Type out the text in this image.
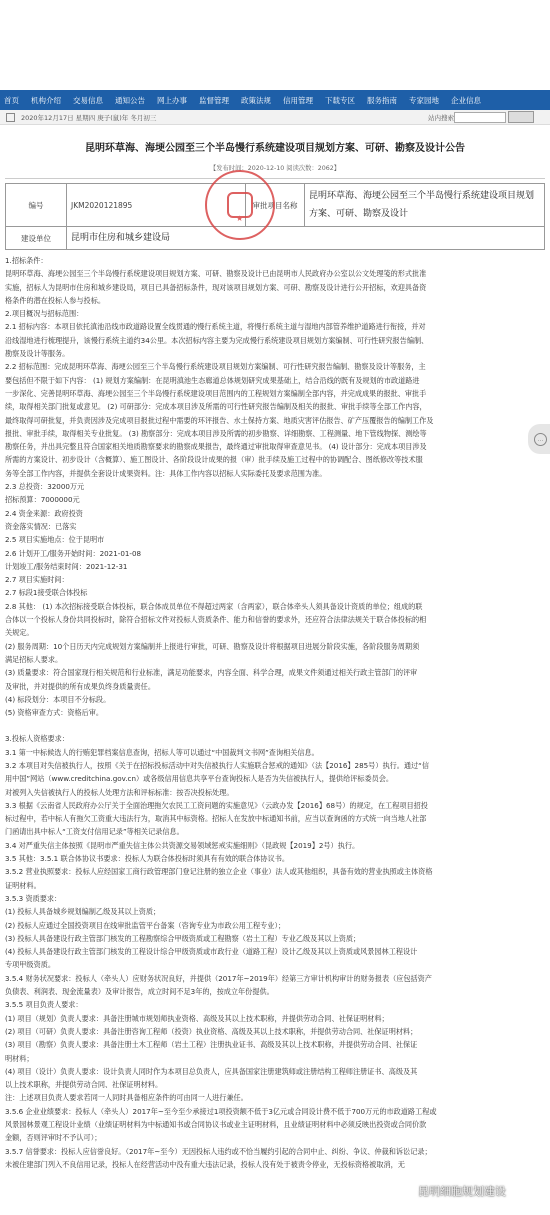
首页 机构介绍 交易信息 通知公告 网上办事 监督管理 政策法规 信用管理 下载专区 服务指南 专家园地 企业信息
2020年12月17日 星期四 庚子(鼠)年 冬月初三	站内搜索
昆明环草海、海埂公园至三个半岛慢行系统建设项目规划方案、可研、勘察及设计公告
【发布时间：2020-12-10 阅读次数：2062】
编号	JKM2020121895	审批项目名称	昆明环草海、海埂公园至三个半岛慢行系统建设项目规划方案、可研、勘察及设计
建设单位	昆明市住房和城乡建设局		

1.招标条件：

昆明环草海、海埂公园至三个半岛慢行系统建设项目规划方案、可研、勘察及设计已由昆明市人民政府办公室以公文处理笺的形式批准

实施，招标人为昆明市住房和城乡建设局，项目已具备招标条件，现对该项目规划方案、可研、勘察及设计进行公开招标，欢迎具备资

格条件的潜在投标人参与投标。

2.项目概况与招标范围：

2.1 招标内容：本项目依托滇池沿线市政道路设置全线贯通的慢行系统主道，将慢行系统主道与湿地内部管养维护道路进行衔接，并对

沿线湿地进行梳理提升，该慢行系统主道约34公里。本次招标内容主要为完成慢行系统建设项目规划方案编制、可行性研究报告编制、

勘察及设计等服务。

2.2 招标范围：完成昆明环草海、海埂公园至三个半岛慢行系统建设项目规划方案编制、可行性研究报告编制、勘察及设计等服务，主

要包括但不限于如下内容： (1) 规划方案编制：在昆明滇池生态廊道总体规划研究成果基础上，结合沿线的既有及规划的市政道路进

一步深化、完善昆明环草海、海埂公园至三个半岛慢行系统建设项目范围内的工程规划方案编制全部内容，并完成成果的报批、审批手

续，取得相关部门批复或意见。 (2) 可研部分：完成本项目涉及所需的可行性研究报告编制及相关的报批、审批手续等全部工作内容，

最终取得可研批复，并负责因涉及完成项目报批过程中需要的环评报告、水土保持方案、地质灾害评估报告、矿产压覆报告的编制工作及

报批、审批手续，取得相关专业批复。 (3) 勘察部分：完成本项目涉及所需的初步勘察、详细勘察、工程测量、地下管线物探、测绘等

勘察任务，并出具完整且符合国家相关地质勘察要求的勘察成果报告，最终通过审批取得审查意见书。 (4) 设计部分：完成本项目涉及

所需的方案设计、初步设计（含概算）、施工图设计、各阶段设计成果的报（审）批手续及施工过程中的协调配合、图纸修改等技术服

务等全部工作内容，并提供全套设计成果资料。注：具体工作内容以招标人实际委托及要求范围为准。

2.3 总投资：32000万元

招标预算：7000000元

2.4 资金来源：政府投资

资金落实情况：已落实

2.5 项目实施地点：位于昆明市

2.6 计划开工/服务开始时间：2021-01-08

计划竣工/服务结束时间：2021-12-31

2.7 项目实施时间：

2.7 标段1接受联合体投标

2.8 其他： (1) 本次招标接受联合体投标，联合体成员单位不得超过两家（含两家），联合体牵头人须具备设计资质的单位；组成的联

合体以一个投标人身份共同投标时，除符合招标文件对投标人资质条件、能力和信誉的要求外，还应符合法律法规关于联合体投标的相

关规定。

(2) 服务周期：10个日历天内完成规划方案编制并上报进行审批，可研、勘察及设计将根据项目进展分阶段实施，各阶段服务周期须

满足招标人要求。

(3) 质量要求：符合国家现行相关规范和行业标准，满足功能要求，内容全面、科学合理，成果文件须通过相关行政主管部门的评审

及审批，并对提供的所有成果负终身质量责任。

(4) 标段划分：本项目不分标段。

(5) 资格审查方式：资格后审。

3.投标人资格要求：

3.1 第一中标候选人的行贿犯罪档案信息查询，招标人等可以通过“中国裁判文书网”查询相关信息。

3.2 本项目对失信被执行人，按照《关于在招标投标活动中对失信被执行人实施联合惩戒的通知》（法【2016】285号）执行。通过“信

用中国”网站（www.creditchina.gov.cn）或各级信用信息共享平台查询投标人是否为失信被执行人，提供给评标委员会。

对被列入失信被执行人的投标人处理方法和评标标准：按否决投标处理。

3.3 根据《云南省人民政府办公厅关于全面治理拖欠农民工工资问题的实施意见》（云政办发【2016】68号）的规定，在工程项目招投

标过程中，若中标人有拖欠工资重大违法行为，取消其中标资格。招标人在发放中标通知书前，应当以查询函的方式统一向当地人社部

门函请出具中标人“工资支付信用记录”等相关记录信息。

3.4 对严重失信主体按照《昆明市严重失信主体公共资源交易领域惩戒实施细则》（昆政规【2019】2号）执行。

3.5 其他：3.5.1 联合体协议书要求：投标人为联合体投标时须具有有效的联合体协议书。

3.5.2 营业执照要求：投标人应经国家工商行政管理部门登记注册的独立企业（事业）法人或其他组织，具备有效的营业执照或主体资格

证明材料。

3.5.3 资质要求：

(1) 投标人具备城乡规划编制乙级及其以上资质；

(2) 投标人应通过全国投资项目在线审批监管平台备案（咨询专业为市政公用工程专业）；

(3) 投标人具备建设行政主管部门核发的工程勘察综合甲级资质或工程勘察（岩土工程）专业乙级及其以上资质；

(4) 投标人具备建设行政主管部门核发的工程设计综合甲级资质或市政行业（道路工程）设计乙级及其以上资质或风景园林工程设计

专项甲级资质。

3.5.4 财务状况要求：投标人（牵头人）应财务状况良好，并提供（2017年~2019年）经第三方审计机构审计的财务报表（应包括资产

负债表、利润表、现金流量表）及审计报告，成立时间不足3年的，按成立年份提供。

3.5.5 项目负责人要求：

(1) 项目（规划）负责人要求：具备注册城市规划师执业资格、高级及其以上技术职称，并提供劳动合同、社保证明材料；

(2) 项目（可研）负责人要求：具备注册咨询工程师（投资）执业资格、高级及其以上技术职称，并提供劳动合同、社保证明材料；

(3) 项目（勘察）负责人要求：具备注册土木工程师（岩土工程）注册执业证书、高级及其以上技术职称，并提供劳动合同、社保证

明材料；

(4) 项目（设计）负责人要求：设计负责人同时作为本项目总负责人，应具备国家注册建筑师或注册结构工程师注册证书、高级及其

以上技术职称，并提供劳动合同、社保证明材料。

注：上述项目负责人要求若同一人同时具备相应条件的可由同一人进行兼任。

3.5.6 企业业绩要求：投标人（牵头人）2017年~至今至少承接过1项投资额不低于3亿元或合同设计费不低于700万元的市政道路工程或

风景园林景观工程设计业绩（业绩证明材料为中标通知书或合同协议书或业主证明材料，且业绩证明材料中必须反映出投资或合同价款

金额，否则评审时不予认可）；

3.5.7 信誉要求：投标人应信誉良好。（2017年~至今）无因投标人违约或不恰当履约引起的合同中止、纠纷、争议、仲裁和诉讼记录；

未被住建部门列入不良信用记录，投标人在经营活动中没有重大违法记录，投标人没有处于被责令停业，无投标资格被取消，无

★
…
昆明细胞规划建设
